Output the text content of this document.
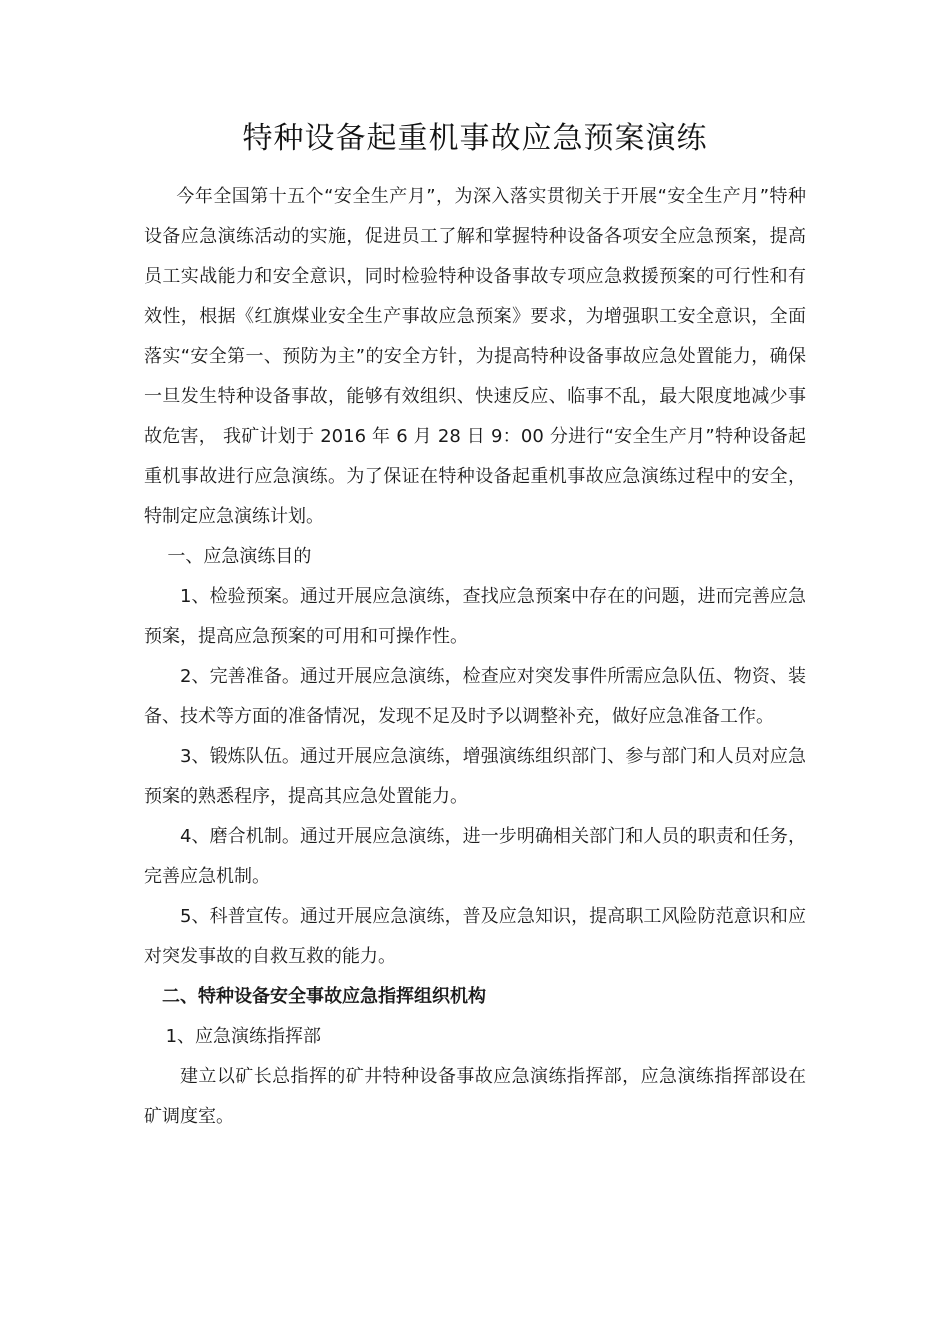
特种设备起重机事故应急预案演练

今年全国第十五个“安全生产月”，为深入落实贯彻关于开展“安全生产月”特种设备应急演练活动的实施，促进员工了解和掌握特种设备各项安全应急预案，提高员工实战能力和安全意识，同时检验特种设备事故专项应急救援预案的可行性和有效性，根据《红旗煤业安全生产事故应急预案》要求，为增强职工安全意识，全面落实“安全第一、预防为主”的安全方针，为提高特种设备事故应急处置能力，确保一旦发生特种设备事故，能够有效组织、快速反应、临事不乱，最大限度地减少事故危害， 我矿计划于 2016 年 6 月 28 日 9：00 分进行“安全生产月”特种设备起重机事故进行应急演练。为了保证在特种设备起重机事故应急演练过程中的安全，特制定应急演练计划。

一、应急演练目的

1、检验预案。通过开展应急演练，查找应急预案中存在的问题，进而完善应急预案，提高应急预案的可用和可操作性。

2、完善准备。通过开展应急演练，检查应对突发事件所需应急队伍、物资、装备、技术等方面的准备情况，发现不足及时予以调整补充，做好应急准备工作。

3、锻炼队伍。通过开展应急演练，增强演练组织部门、参与部门和人员对应急预案的熟悉程序，提高其应急处置能力。

4、磨合机制。通过开展应急演练，进一步明确相关部门和人员的职责和任务，完善应急机制。

5、科普宣传。通过开展应急演练，普及应急知识，提高职工风险防范意识和应对突发事故的自救互救的能力。

二、特种设备安全事故应急指挥组织机构

1、应急演练指挥部

建立以矿长总指挥的矿井特种设备事故应急演练指挥部，应急演练指挥部设在矿调度室。
